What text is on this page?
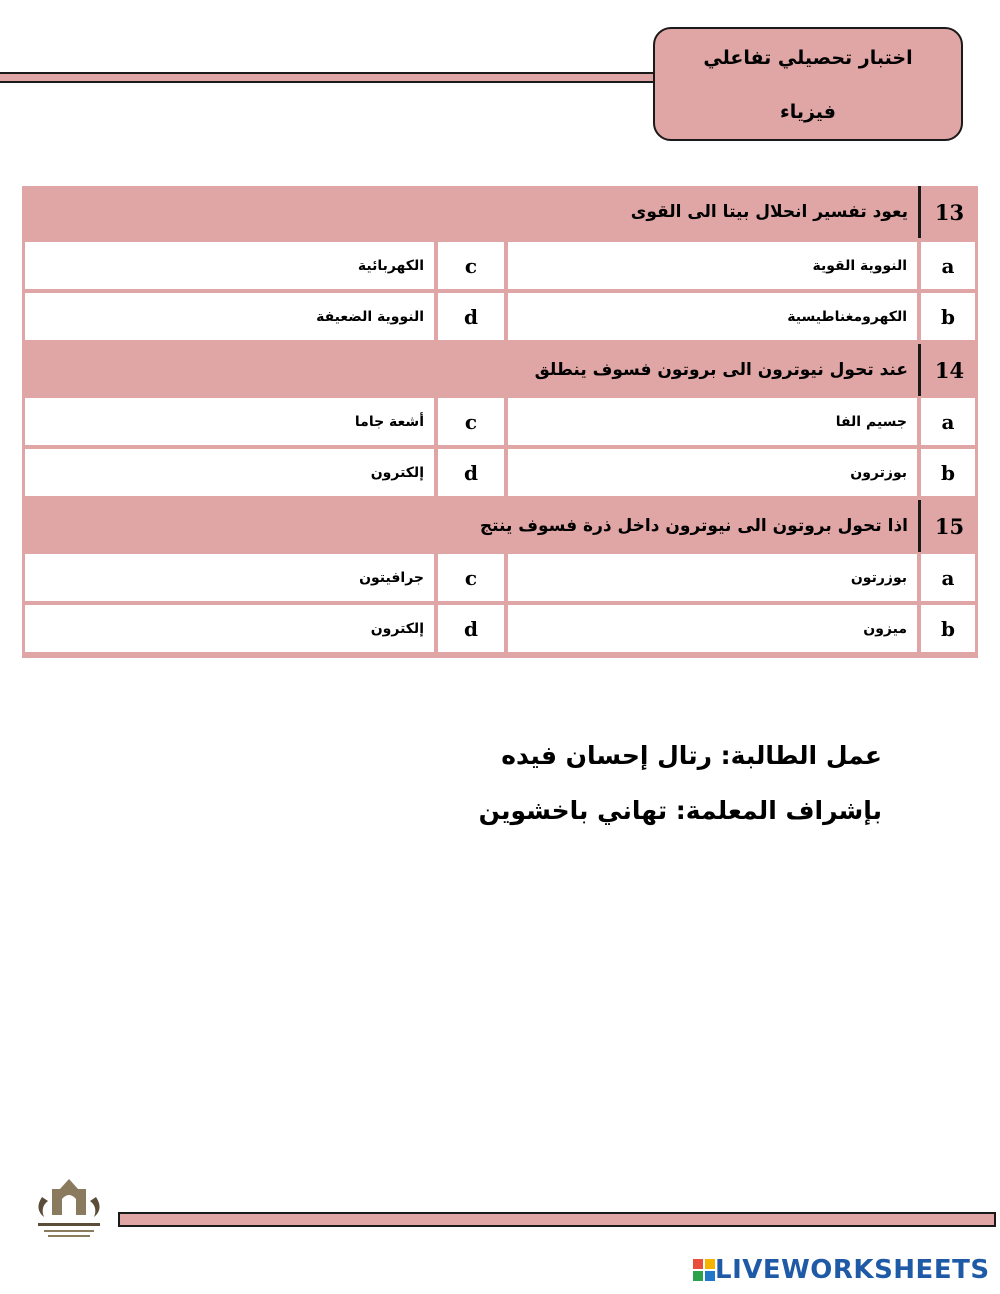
اختبار تحصيلي تفاعلي
فيزياء
13
يعود تفسير انحلال بيتا الى القوى
a
النووية القوية
c
الكهربائية
b
الكهرومغناطيسية
d
النووية الضعيفة
14
عند تحول نيوترون الى بروتون فسوف ينطلق
a
جسيم الفا
c
أشعة جاما
b
بوزترون
d
إلكترون
15
اذا تحول بروتون الى نيوترون داخل ذرة فسوف ينتج
a
بوزرتون
c
جرافيتون
b
ميزون
d
إلكترون
عمل الطالبة: رتال إحسان فيده
بإشراف المعلمة: تهاني باخشوين
LIVEWORKSHEETS
